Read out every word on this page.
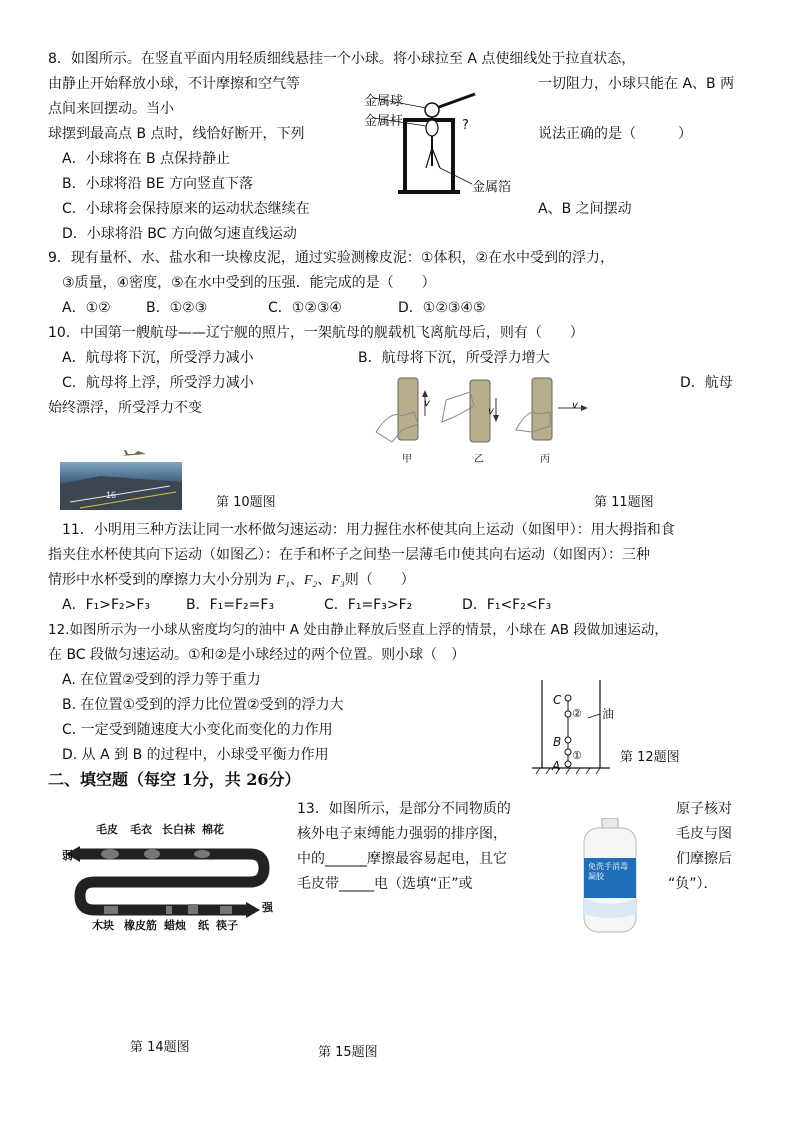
8．如图所示。在竖直平面内用轻质细线悬挂一个小球。将小球拉至 A 点使细线处于拉直状态，
由静止开始释放小球，不计摩擦和空气等	一切阻力，小球只能在 A、B 两
点间来回摆动。当小
球摆到最高点 B 点时，线恰好断开，下列	说法正确的是（　　　）
A．小球将在 B 点保持静止
B．小球将沿 BE 方向竖直下落
C．小球将会保持原来的运动状态继续在	A、B 之间摆动
D．小球将沿 BC 方向做匀速直线运动
金属球
金属杆	?
金属箔
9．现有量杯、水、盐水和一块橡皮泥，通过实验测橡皮泥：①体积，②在水中受到的浮力，
③质量，④密度，⑤在水中受到的压强．能完成的是（　　）
A．①②	B．①②③	C．①②③④	D．①②③④⑤
10．中国第一艘航母——辽宁舰的照片，一架航母的舰载机飞离航母后，则有（　　）
A．航母将下沉，所受浮力减小	B．航母将下沉，所受浮力增大
C．航母将上浮，所受浮力减小	D．航母
始终漂浮，所受浮力不变
16	第 10题图
v
v
v
甲	乙	丙
第 11题图
11．小明用三种方法让同一水杯做匀速运动：用力握住水杯使其向上运动（如图甲）：用大拇指和食
指夹住水杯使其向下运动（如图乙）：在手和杯子之间垫一层薄毛巾使其向右运动（如图丙）：三种
情形中水杯受到的摩擦力大小分别为 F₁、F₂、F₃则（　　）
A．F₁>F₂>F₃	B．F₁=F₂=F₃	C．F₁=F₃>F₂	D．F₁<F₂<F₃
12.如图所示为一小球从密度均匀的油中 A 处由静止释放后竖直上浮的情景，小球在 AB 段做加速运动，
在 BC 段做匀速运动。①和②是小球经过的两个位置。则小球（　）
A. 在位置②受到的浮力等于重力
B. 在位置①受到的浮力比位置②受到的浮力大
C. 一定受到随速度大小变化而变化的力作用
D. 从 A 到 B 的过程中，小球受平衡力作用
油
C
B
A
②
①	第 12题图
二、填空题（每空 1分，共 26分）
13．如图所示，是部分不同物质的	原子核对
核外电子束缚能力强弱的排序图，	毛皮与图
中的______摩擦最容易起电，且它	们摩擦后
毛皮带_____电（选填“正”或	“负”）．
毛皮 毛衣 长白袜 棉花
弱
强
木块 橡皮筋 蜡烛 纸 筷子
免洗手消毒凝胶
第 14题图	第 15题图
